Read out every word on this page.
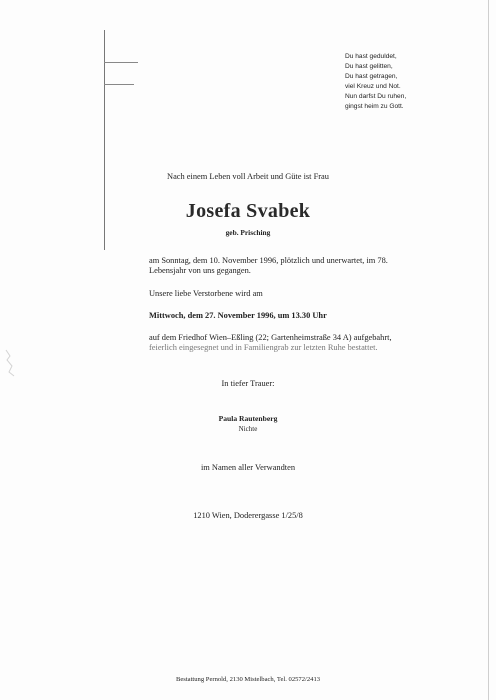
Du hast geduldet,
Du hast gelitten,
Du hast getragen,
viel Kreuz und Not.
Nun darfst Du ruhen,
gingst heim zu Gott.
Nach einem Leben voll Arbeit und Güte ist Frau
Josefa Svabek
geb. Prisching
am Sonntag, dem 10. November 1996, plötzlich und unerwartet, im 78.
Lebensjahr von uns gegangen.
Unsere liebe Verstorbene wird am
Mittwoch, dem 27. November 1996, um 13.30 Uhr
auf dem Friedhof Wien–Eßling (22; Gartenheimstraße 34 A) aufgebahrt,
feierlich eingesegnet und in Familiengrab zur letzten Ruhe bestattet.
In tiefer Trauer:
Paula Rautenberg
Nichte
im Namen aller Verwandten
1210 Wien, Doderergasse 1/25/8
Bestattung Pernold, 2130 Mistelbach, Tel. 02572/2413
